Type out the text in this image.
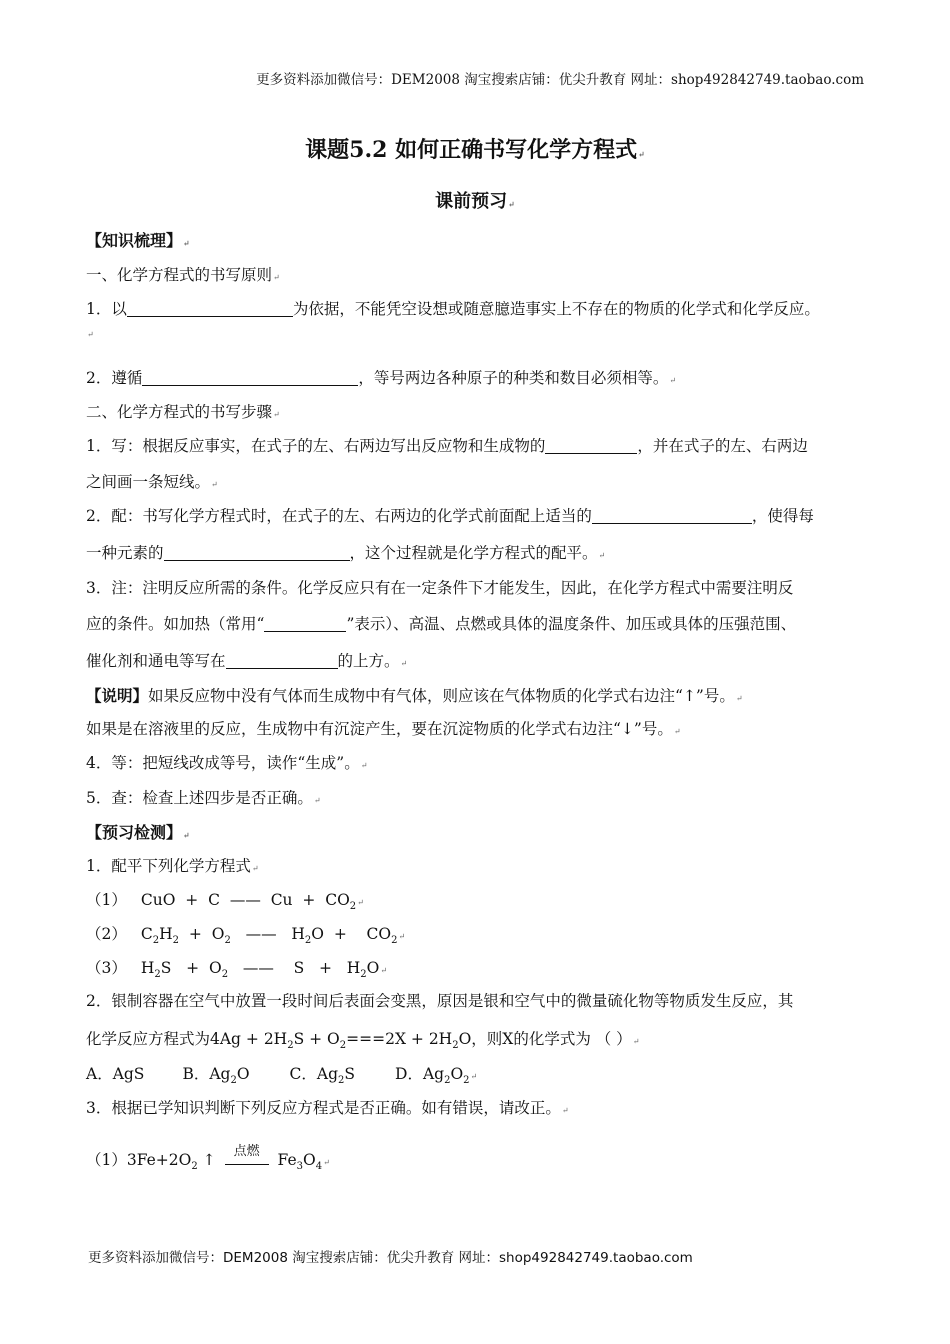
更多资料添加微信号：DEM2008 淘宝搜索店铺：优尖升教育 网址：shop492842749.taobao.com
课题5.2 如何正确书写化学方程式↵
课前预习↵
【知识梳理】↵
一、化学方程式的书写原则↵
1．以	为依据，不能凭空设想或随意臆造事实上不存在的物质的化学式和化学反应。
↵
2．遵循	，等号两边各种原子的种类和数目必须相等。↵
二、化学方程式的书写步骤↵
1．写：根据反应事实，在式子的左、右两边写出反应物和生成物的	，并在式子的左、右两边
之间画一条短线。↵
2．配：书写化学方程式时，在式子的左、右两边的化学式前面配上适当的	，使得每
一种元素的	，这个过程就是化学方程式的配平。↵
3．注：注明反应所需的条件。化学反应只有在一定条件下才能发生，因此，在化学方程式中需要注明反
应的条件。如加热（常用“	”表示）、高温、点燃或具体的温度条件、加压或具体的压强范围、
催化剂和通电等写在	的上方。↵
【说明】如果反应物中没有气体而生成物中有气体，则应该在气体物质的化学式右边注“↑”号。↵
如果是在溶液里的反应，生成物中有沉淀产生，要在沉淀物质的化学式右边注“↓”号。↵
4．等：把短线改成等号，读作“生成”。↵
5．查：检查上述四步是否正确。↵
【预习检测】↵
1．配平下列化学方程式↵
（1） CuO  +  C  ——  $Cu + CO_2↵$
（2） $C_2H_2 + O_2$   ——   $H_2O$  +    $CO_2↵$
（3） $H_2S + O_2$   ——    $S + H_2O↵$
2．银制容器在空气中放置一段时间后表面会变黑，原因是银和空气中的微量硫化物等物质发生反应，其
化学反应方程式为$4Ag + 2H_2S + O_2===2X + 2H_2O$，则X的化学式为 （ ）↵
A．AgS B．$Ag_2O$	C．$Ag_2S$	D．$Ag_2O_2↵$
3．根据已学知识判断下列反应方程式是否正确。如有错误，请改正。↵
$(1)3Fe+2O_2$ ↑	点燃	$Fe_3O_4↵$
更多资料添加微信号：DEM2008 淘宝搜索店铺：优尖升教育 网址：shop492842749.taobao.com
